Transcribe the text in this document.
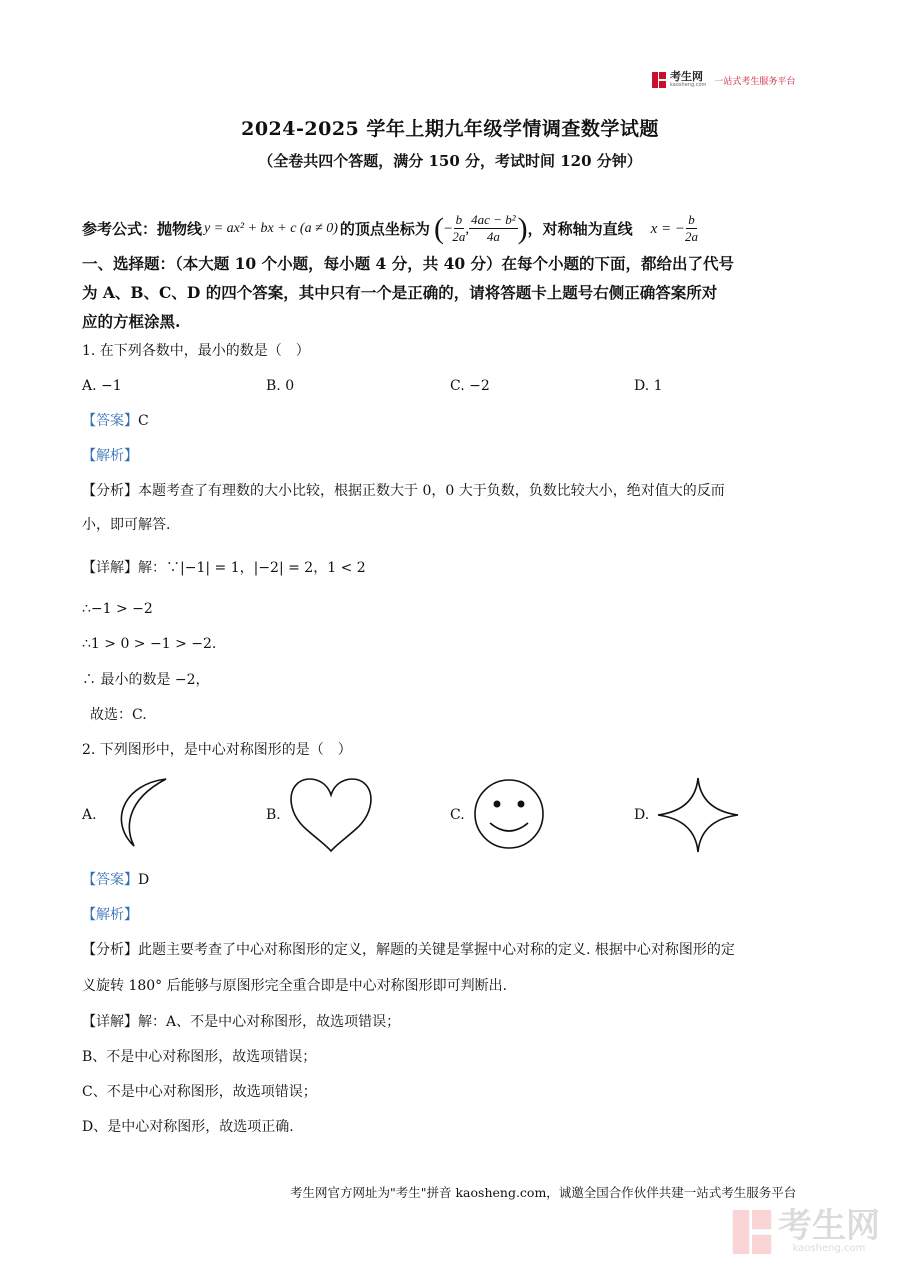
考生网
kaosheng.com 一站式考生服务平台
2024-2025 学年上期九年级学情调查数学试题
（全卷共四个答题，满分 150 分，考试时间 120 分钟）
参考公式：抛物线 y = ax² + bx + c (a ≠ 0) 的顶点坐标为 ( − $\frac{b}{2a}$ , $\frac{\text{4ac − b²}}{4a}$ ) ，对称轴为直线 x = − $\frac{b}{2a}$
一、选择题：（本大题 10 个小题，每小题 4 分，共 40 分）在每个小题的下面，都给出了代号
为 A、B、C、D 的四个答案，其中只有一个是正确的，请将答题卡上题号右侧正确答案所对
应的方框涂黑.
1. 在下列各数中，最小的数是（　）
A. −1	B. 0	C. −2	D. 1
【答案】C
【解析】
【分析】本题考查了有理数的大小比较，根据正数大于 0，0 大于负数，负数比较大小，绝对值大的反而
小，即可解答.
【详解】解：∵|−1| = 1，|−2| = 2，1 < 2
∴−1 > −2
∴1 > 0 > −1 > −2.
∴ 最小的数是 −2，
故选：C.
2. 下列图形中，是中心对称图形的是（　）
A.	B.	C.	D.
【答案】D
【解析】
【分析】此题主要考查了中心对称图形的定义，解题的关键是掌握中心对称的定义. 根据中心对称图形的定
义旋转 180° 后能够与原图形完全重合即是中心对称图形即可判断出.
【详解】解：A、不是中心对称图形，故选项错误；
B、不是中心对称图形，故选项错误；
C、不是中心对称图形，故选项错误；
D、是中心对称图形，故选项正确.
考生网官方网址为"考生"拼音 kaosheng.com，诚邀全国合作伙伴共建一站式考生服务平台
考生网
kaosheng.com
